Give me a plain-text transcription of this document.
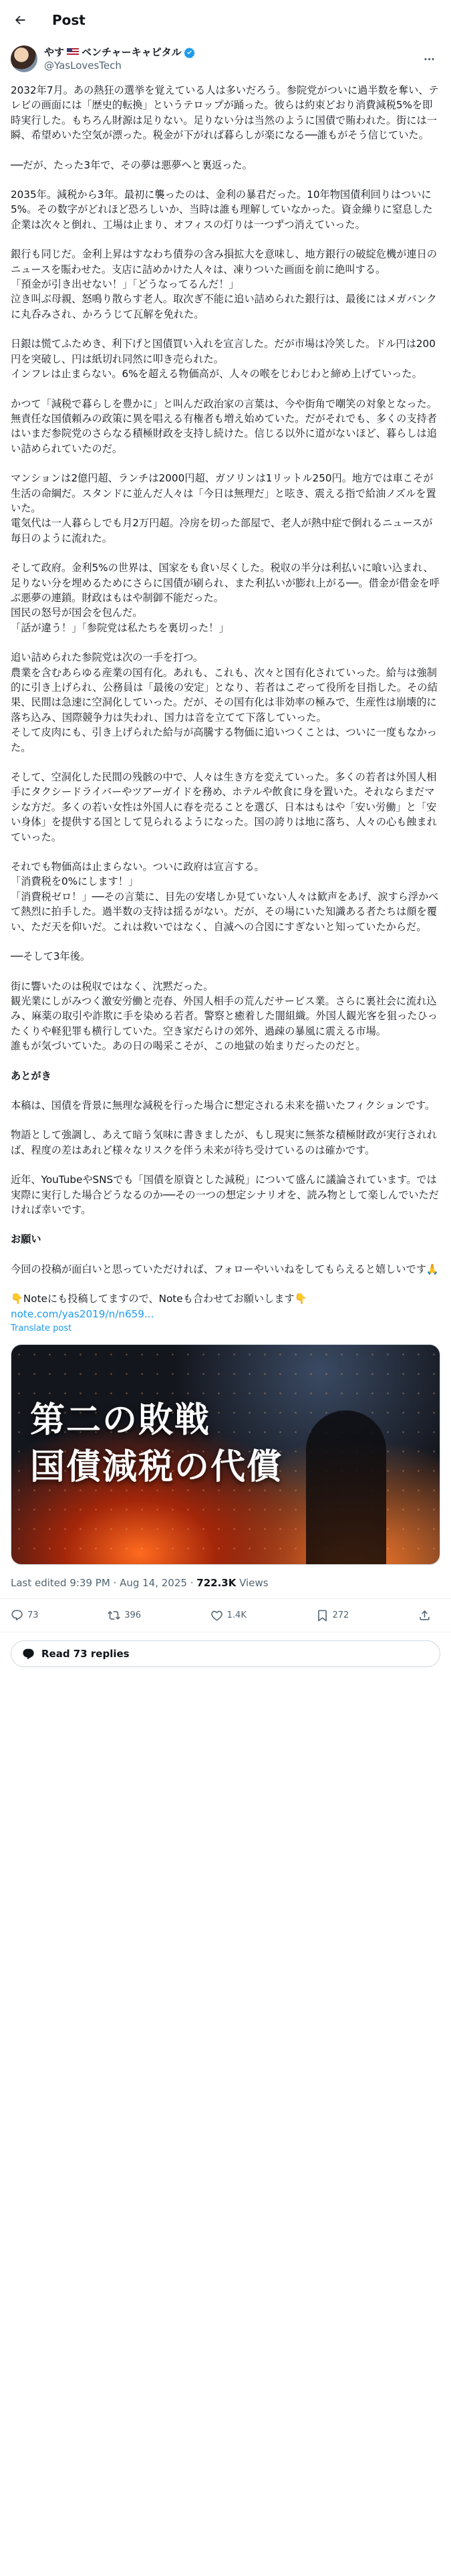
Post
やす ベンチャーキャピタル
@YasLovesTech
2032年7月。あの熱狂の選挙を覚えている人は多いだろう。参院党がついに過半数を奪い、テレビの画面には「歴史的転換」というテロップが踊った。彼らは約束どおり消費減税5%を即時実行した。もちろん財源は足りない。足りない分は当然のように国債で賄われた。街には一瞬、希望めいた空気が漂った。税金が下がれば暮らしが楽になる──誰もがそう信じていた。
──だが、たった3年で、その夢は悪夢へと裏返った。
2035年。減税から3年。最初に襲ったのは、金利の暴君だった。10年物国債利回りはついに5%。その数字がどれほど恐ろしいか、当時は誰も理解していなかった。資金繰りに窒息した企業は次々と倒れ、工場は止まり、オフィスの灯りは一つずつ消えていった。
銀行も同じだ。金利上昇はすなわち債券の含み損拡大を意味し、地方銀行の破綻危機が連日のニュースを賑わせた。支店に詰めかけた人々は、凍りついた画面を前に絶叫する。
「預金が引き出せない！」「どうなってるんだ！」
泣き叫ぶ母親、怒鳴り散らす老人。取次ぎ不能に追い詰められた銀行は、最後にはメガバンクに丸呑みされ、かろうじて瓦解を免れた。
日銀は慌てふためき、利下げと国債買い入れを宣言した。だが市場は冷笑した。ドル円は200円を突破し、円は紙切れ同然に叩き売られた。
インフレは止まらない。6%を超える物価高が、人々の喉をじわじわと締め上げていった。
かつて「減税で暮らしを豊かに」と叫んだ政治家の言葉は、今や街角で嘲笑の対象となった。無責任な国債頼みの政策に異を唱える有権者も増え始めていた。だがそれでも、多くの支持者はいまだ参院党のさらなる積極財政を支持し続けた。信じる以外に道がないほど、暮らしは追い詰められていたのだ。
マンションは2億円超、ランチは2000円超、ガソリンは1リットル250円。地方では車こそが生活の命綱だ。スタンドに並んだ人々は「今日は無理だ」と呟き、震える指で給油ノズルを置いた。
電気代は一人暮らしでも月2万円超。冷房を切った部屋で、老人が熱中症で倒れるニュースが毎日のように流れた。
そして政府。金利5%の世界は、国家をも食い尽くした。税収の半分は利払いに喰い込まれ、足りない分を埋めるためにさらに国債が刷られ、また利払いが膨れ上がる──。借金が借金を呼ぶ悪夢の連鎖。財政はもはや制御不能だった。
国民の怒号が国会を包んだ。
「話が違う！」「参院党は私たちを裏切った！」
追い詰められた参院党は次の一手を打つ。
農業を含むあらゆる産業の国有化。あれも、これも、次々と国有化されていった。給与は強制的に引き上げられ、公務員は「最後の安定」となり、若者はこぞって役所を目指した。その結果、民間は急速に空洞化していった。だが、その国有化は非効率の極みで、生産性は崩壊的に落ち込み、国際競争力は失われ、国力は音を立てて下落していった。
そして皮肉にも、引き上げられた給与が高騰する物価に追いつくことは、ついに一度もなかった。
そして、空洞化した民間の残骸の中で、人々は生き方を変えていった。多くの若者は外国人相手にタクシードライバーやツアーガイドを務め、ホテルや飲食に身を置いた。それならまだマシな方だ。多くの若い女性は外国人に春を売ることを選び、日本はもはや「安い労働」と「安い身体」を提供する国として見られるようになった。国の誇りは地に落ち、人々の心も蝕まれていった。
それでも物価高は止まらない。ついに政府は宣言する。
「消費税を0%にします！」
「消費税ゼロ！」──その言葉に、目先の安堵しか見ていない人々は歓声をあげ、涙すら浮かべて熱烈に拍手した。過半数の支持は揺るがない。だが、その場にいた知識ある者たちは顔を覆い、ただ天を仰いだ。これは救いではなく、自滅への合図にすぎないと知っていたからだ。
──そして3年後。
街に響いたのは税収ではなく、沈黙だった。
観光業にしがみつく激安労働と売春、外国人相手の荒んだサービス業。さらに裏社会に流れ込み、麻薬の取引や詐欺に手を染める若者。警察と癒着した闇組織。外国人観光客を狙ったひったくりや軽犯罪も横行していた。空き家だらけの郊外、過疎の暴風に震える市場。
誰もが気づいていた。あの日の喝采こそが、この地獄の始まりだったのだと。
あとがき
本稿は、国債を背景に無理な減税を行った場合に想定される未来を描いたフィクションです。
物語として強調し、あえて暗う気味に書きましたが、もし現実に無茶な積極財政が実行されれば、程度の差はあれど様々なリスクを伴う未来が待ち受けているのは確かです。
近年、YouTubeやSNSでも「国債を原資とした減税」について盛んに議論されています。では実際に実行した場合どうなるのか──その一つの想定シナリオを、読み物として楽しんでいただければ幸いです。
お願い
今回の投稿が面白いと思っていただければ、フォローやいいねをしてもらえると嬉しいです🙏
👇Noteにも投稿してますので、Noteも合わせてお願いします👇
note.com/yas2019/n/n659...
Translate post
第二の敗戦
国債減税の代償
Last edited 9:39 PM · Aug 14, 2025 · 722.3K Views
73	396	1.4K	272
Read 73 replies
